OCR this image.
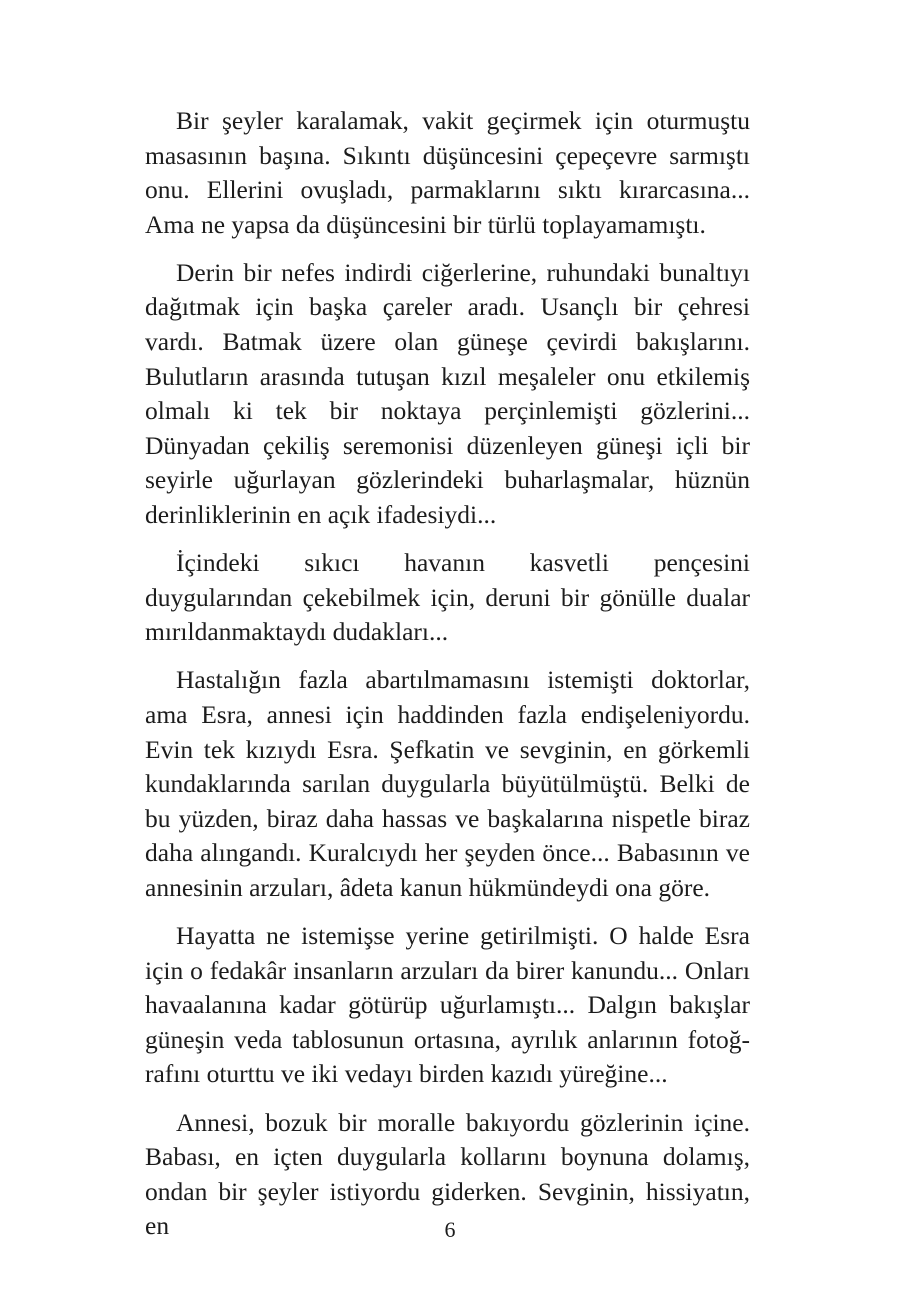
Bir şeyler karalamak, vakit geçirmek için oturmuştu masasının başına. Sıkıntı düşüncesini çepeçevre sarmıştı onu. Ellerini ovuşladı, parmaklarını sıktı kırarcasına... Ama ne yapsa da düşüncesini bir türlü toplayamamıştı.

Derin bir nefes indirdi ciğerlerine, ruhundaki bunaltıyı dağıtmak için başka çareler aradı. Usançlı bir çehresi vardı. Batmak üzere olan güneşe çevirdi bakışlarını. Bulutların arasında tutuşan kızıl meşaleler onu etkilemiş olmalı ki tek bir noktaya perçinlemişti gözlerini... Dünyadan çekiliş seremonisi düzenleyen güneşi içli bir seyirle uğurlayan gözlerindeki buharlaşmalar, hüznün derinliklerinin en açık ifadesiydi...

İçindeki sıkıcı havanın kasvetli pençesini duygularından çekebilmek için, deruni bir gönülle dualar mırıldanmaktaydı dudakları...

Hastalığın fazla abartılmamasını istemişti doktorlar, ama Esra, annesi için haddinden fazla endişeleniyordu. Evin tek kızıydı Esra. Şefkatin ve sevginin, en görkemli kundaklarında sarılan duygularla büyütülmüştü. Belki de bu yüzden, biraz daha hassas ve başkalarına nispetle biraz daha alıngandı. Kuralcıydı her şeyden önce... Babasının ve annesinin arzuları, âdeta kanun hükmündeydi ona göre.

Hayatta ne istemişse yerine getirilmişti. O halde Esra için o fedakâr insanların arzuları da birer kanundu... Onları havaalanına kadar götürüp uğurlamıştı... Dalgın bakışlar güneşin veda tablosunun ortasına, ayrılık anlarının fotoğrafını oturttu ve iki vedayı birden kazıdı yüreğine...

Annesi, bozuk bir moralle bakıyordu gözlerinin içine. Babası, en içten duygularla kollarını boynuna dolamış, ondan bir şeyler istiyordu giderken. Sevginin, hissiyatın, en	6
